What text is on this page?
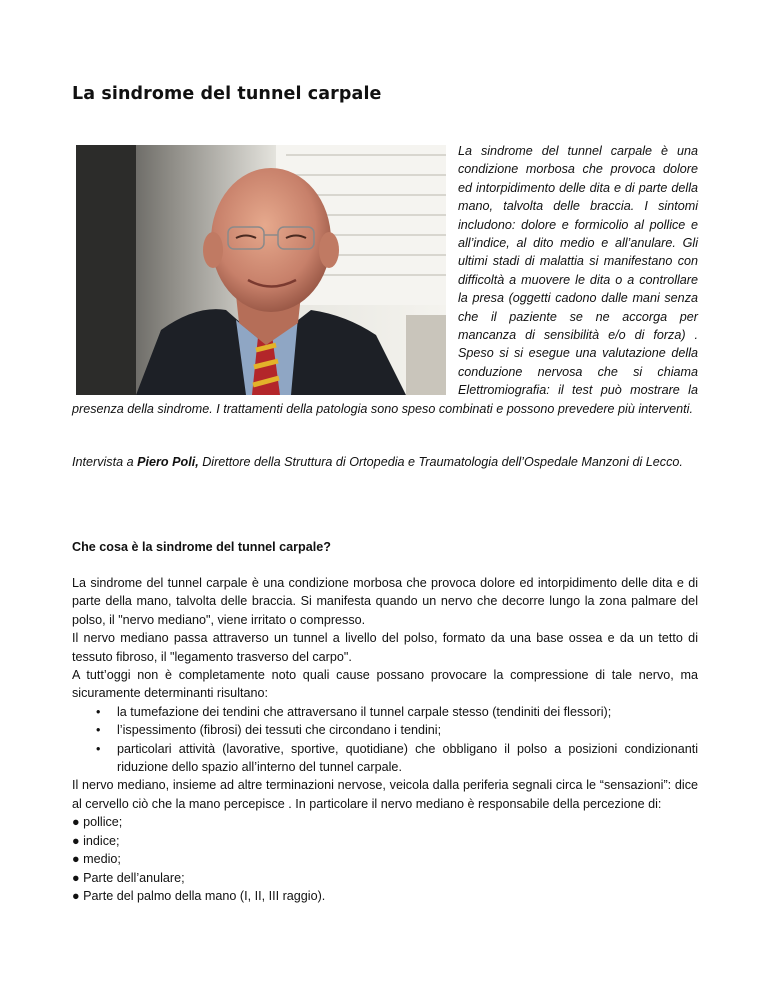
La sindrome del tunnel carpale
La sindrome del tunnel carpale è una condizione morbosa che provoca dolore ed intorpidimento delle dita e di parte della mano, talvolta delle braccia. I sintomi includono: dolore e formicolio al pollice e all’indice, al dito medio e all’anulare. Gli ultimi stadi di malattia si manifestano con difficoltà a muovere le dita o a controllare la presa (oggetti cadono dalle mani senza che il paziente se ne accorga per mancanza di sensibilità e/o di forza) . Speso si si esegue una valutazione della conduzione nervosa che si chiama Elettromiografia: il test può mostrare la presenza della sindrome. I trattamenti della patologia sono speso combinati e possono prevedere più interventi.

Intervista a Piero Poli, Direttore della Struttura di Ortopedia e Traumatologia dell’Ospedale Manzoni di Lecco.

Che cosa è la sindrome del tunnel carpale?

La sindrome del tunnel carpale è una condizione morbosa che provoca dolore ed intorpidimento delle dita e di parte della mano, talvolta delle braccia. Si manifesta quando un nervo che decorre lungo la zona palmare del polso, il "nervo mediano", viene irritato o compresso.

Il nervo mediano passa attraverso un tunnel a livello del polso, formato da una base ossea e da un tetto di tessuto fibroso, il "legamento trasverso del carpo".

A tutt’oggi non è completamente noto quali cause possano provocare la compressione di tale nervo, ma sicuramente determinanti risultano:

• la tumefazione dei tendini che attraversano il tunnel carpale stesso (tendiniti dei flessori);
• l’ispessimento (fibrosi) dei tessuti che circondano i tendini;
• particolari attività (lavorative, sportive, quotidiane) che obbligano il polso a posizioni condizionanti riduzione dello spazio all’interno del tunnel carpale.

Il nervo mediano, insieme ad altre terminazioni nervose, veicola dalla periferia segnali circa le “sensazioni”: dice al cervello ciò che la mano percepisce . In particolare il nervo mediano è responsabile della percezione di:

● pollice;

● indice;

● medio;

● Parte dell’anulare;

● Parte del palmo della mano (I, II, III raggio).
